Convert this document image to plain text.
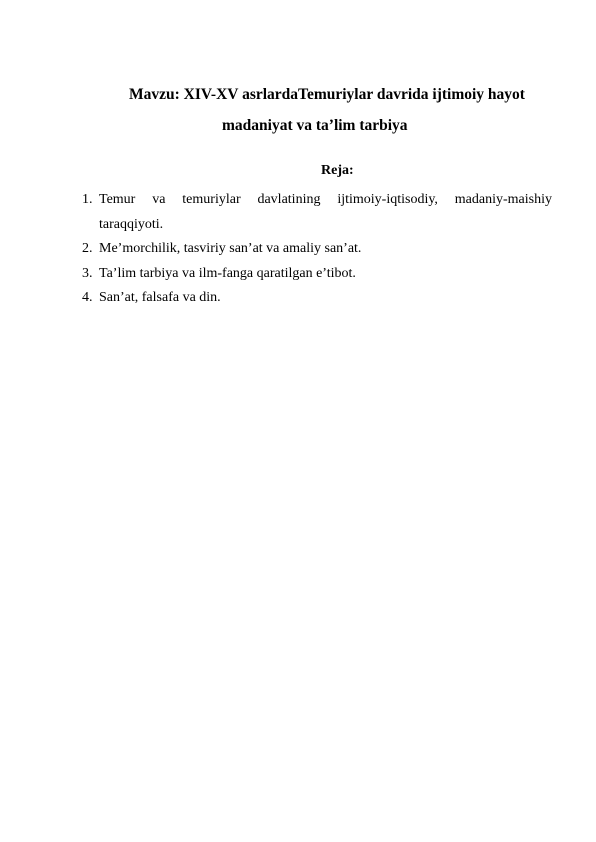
Mavzu: XIV-XV asrlardaTemuriylar davrida ijtimoiy hayot
madaniyat va ta’lim tarbiya
Reja:
1. Temur va temuriylar davlatining ijtimoiy-iqtisodiy, madaniy-maishiy taraqqiyoti.
2. Me’morchilik, tasviriy san’at va amaliy san’at.
3. Ta’lim tarbiya va ilm-fanga qaratilgan e’tibot.
4. San’at, falsafa va din.
